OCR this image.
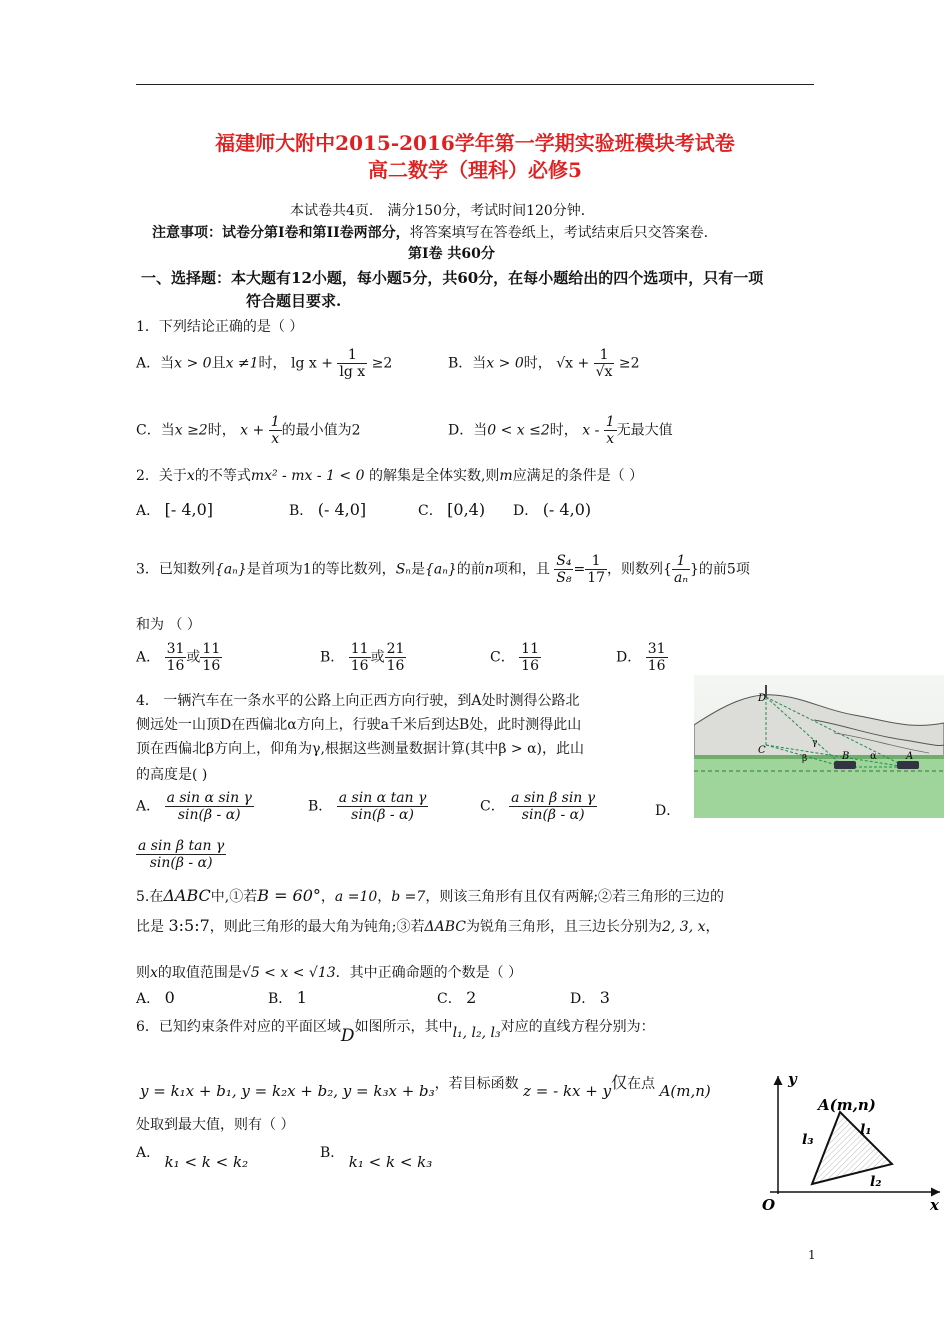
福建师大附中2015-2016学年第一学期实验班模块考试卷
高二数学（理科）必修5
本试卷共4页． 满分150分，考试时间120分钟．
注意事项：试卷分第Ⅰ卷和第II卷两部分，将答案填写在答卷纸上，考试结束后只交答案卷.
第Ⅰ卷 共60分
一、选择题：本大题有12小题，每小题5分，共60分，在每小题给出的四个选项中，只有一项
符合题目要求.
1．下列结论正确的是（ ）
A．当x > 0且x ≠1时， $\lg x + \frac{1}{\text{lg x}} \ge 2$	B．当x > 0时， $√x + \frac{1}{√x} \ge 2$
C．当x ≥2时， $x + \frac{1}{x}$ 的最小值为2	D．当0 < x ≤2时， x - $\frac{1}{x}$ 无最大值
2．关于x的不等式mx² - mx - 1 < 0 的解集是全体实数,则m应满足的条件是（ ）
A． [- 4,0]	B． (- 4,0]	C． [0,4) D． (- 4,0)
3．已知数列{aₙ}是首项为1的等比数列，Sₙ是{aₙ}的前n项和，且 $\frac{\text{S₄}}{\text{S₈}} = \frac{1}{17}$ ，则数列{ $\frac{1}{\text{aₙ}}$ }的前5项
和为 （ ）
A． $\frac{31}{16}$ 或 $\frac{11}{16}$	B． $\frac{11}{16}$ 或 $\frac{21}{16}$	C． $\frac{11}{16}$	D． $\frac{31}{16}$
4． 一辆汽车在一条水平的公路上向正西方向行驶，到A处时测得公路北
侧远处一山顶D在西偏北α方向上，行驶a千米后到达B处，此时测得此山
顶在西偏北β方向上，仰角为γ,根据这些测量数据计算(其中β > α)，此山
的高度是( )
A． $\frac{\text{a sin α sin γ}}{\sin(\beta - \alpha)}$	B． $\frac{\text{a sin α tan γ}}{\sin(\beta - \alpha)}$	C． $\frac{\text{a sin β sin γ}}{\sin(\beta - \alpha)}$	D．
$\frac{\text{a sin β tan γ}}{\sin(\beta - \alpha)}$
D
C
B	A
α
β
γ
5.在ΔABC中,①若B = 60°，a =10，b =7，则该三角形有且仅有两解;②若三角形的三边的
比是 3:5:7，则此三角形的最大角为钝角;③若ΔABC为锐角三角形，且三边长分别为2, 3, x，
则x的取值范围是√5 < x < √13．其中正确命题的个数是（ ）
A． 0	B． 1	C． 2	D． 3
6．已知约束条件对应的平面区域D如图所示，其中l₁, l₂, l₃对应的直线方程分别为：
y = k₁x + b₁, y = k₂x + b₂, y = k₃x + b₃，若目标函数 z = - kx + y仅在点 A(m,n)
处取到最大值，则有（ ）
A． k₁ < k < k₂	B． k₁ < k < k₃
y
x
O
A(m,n)
l₁
l₂
l₃
1
